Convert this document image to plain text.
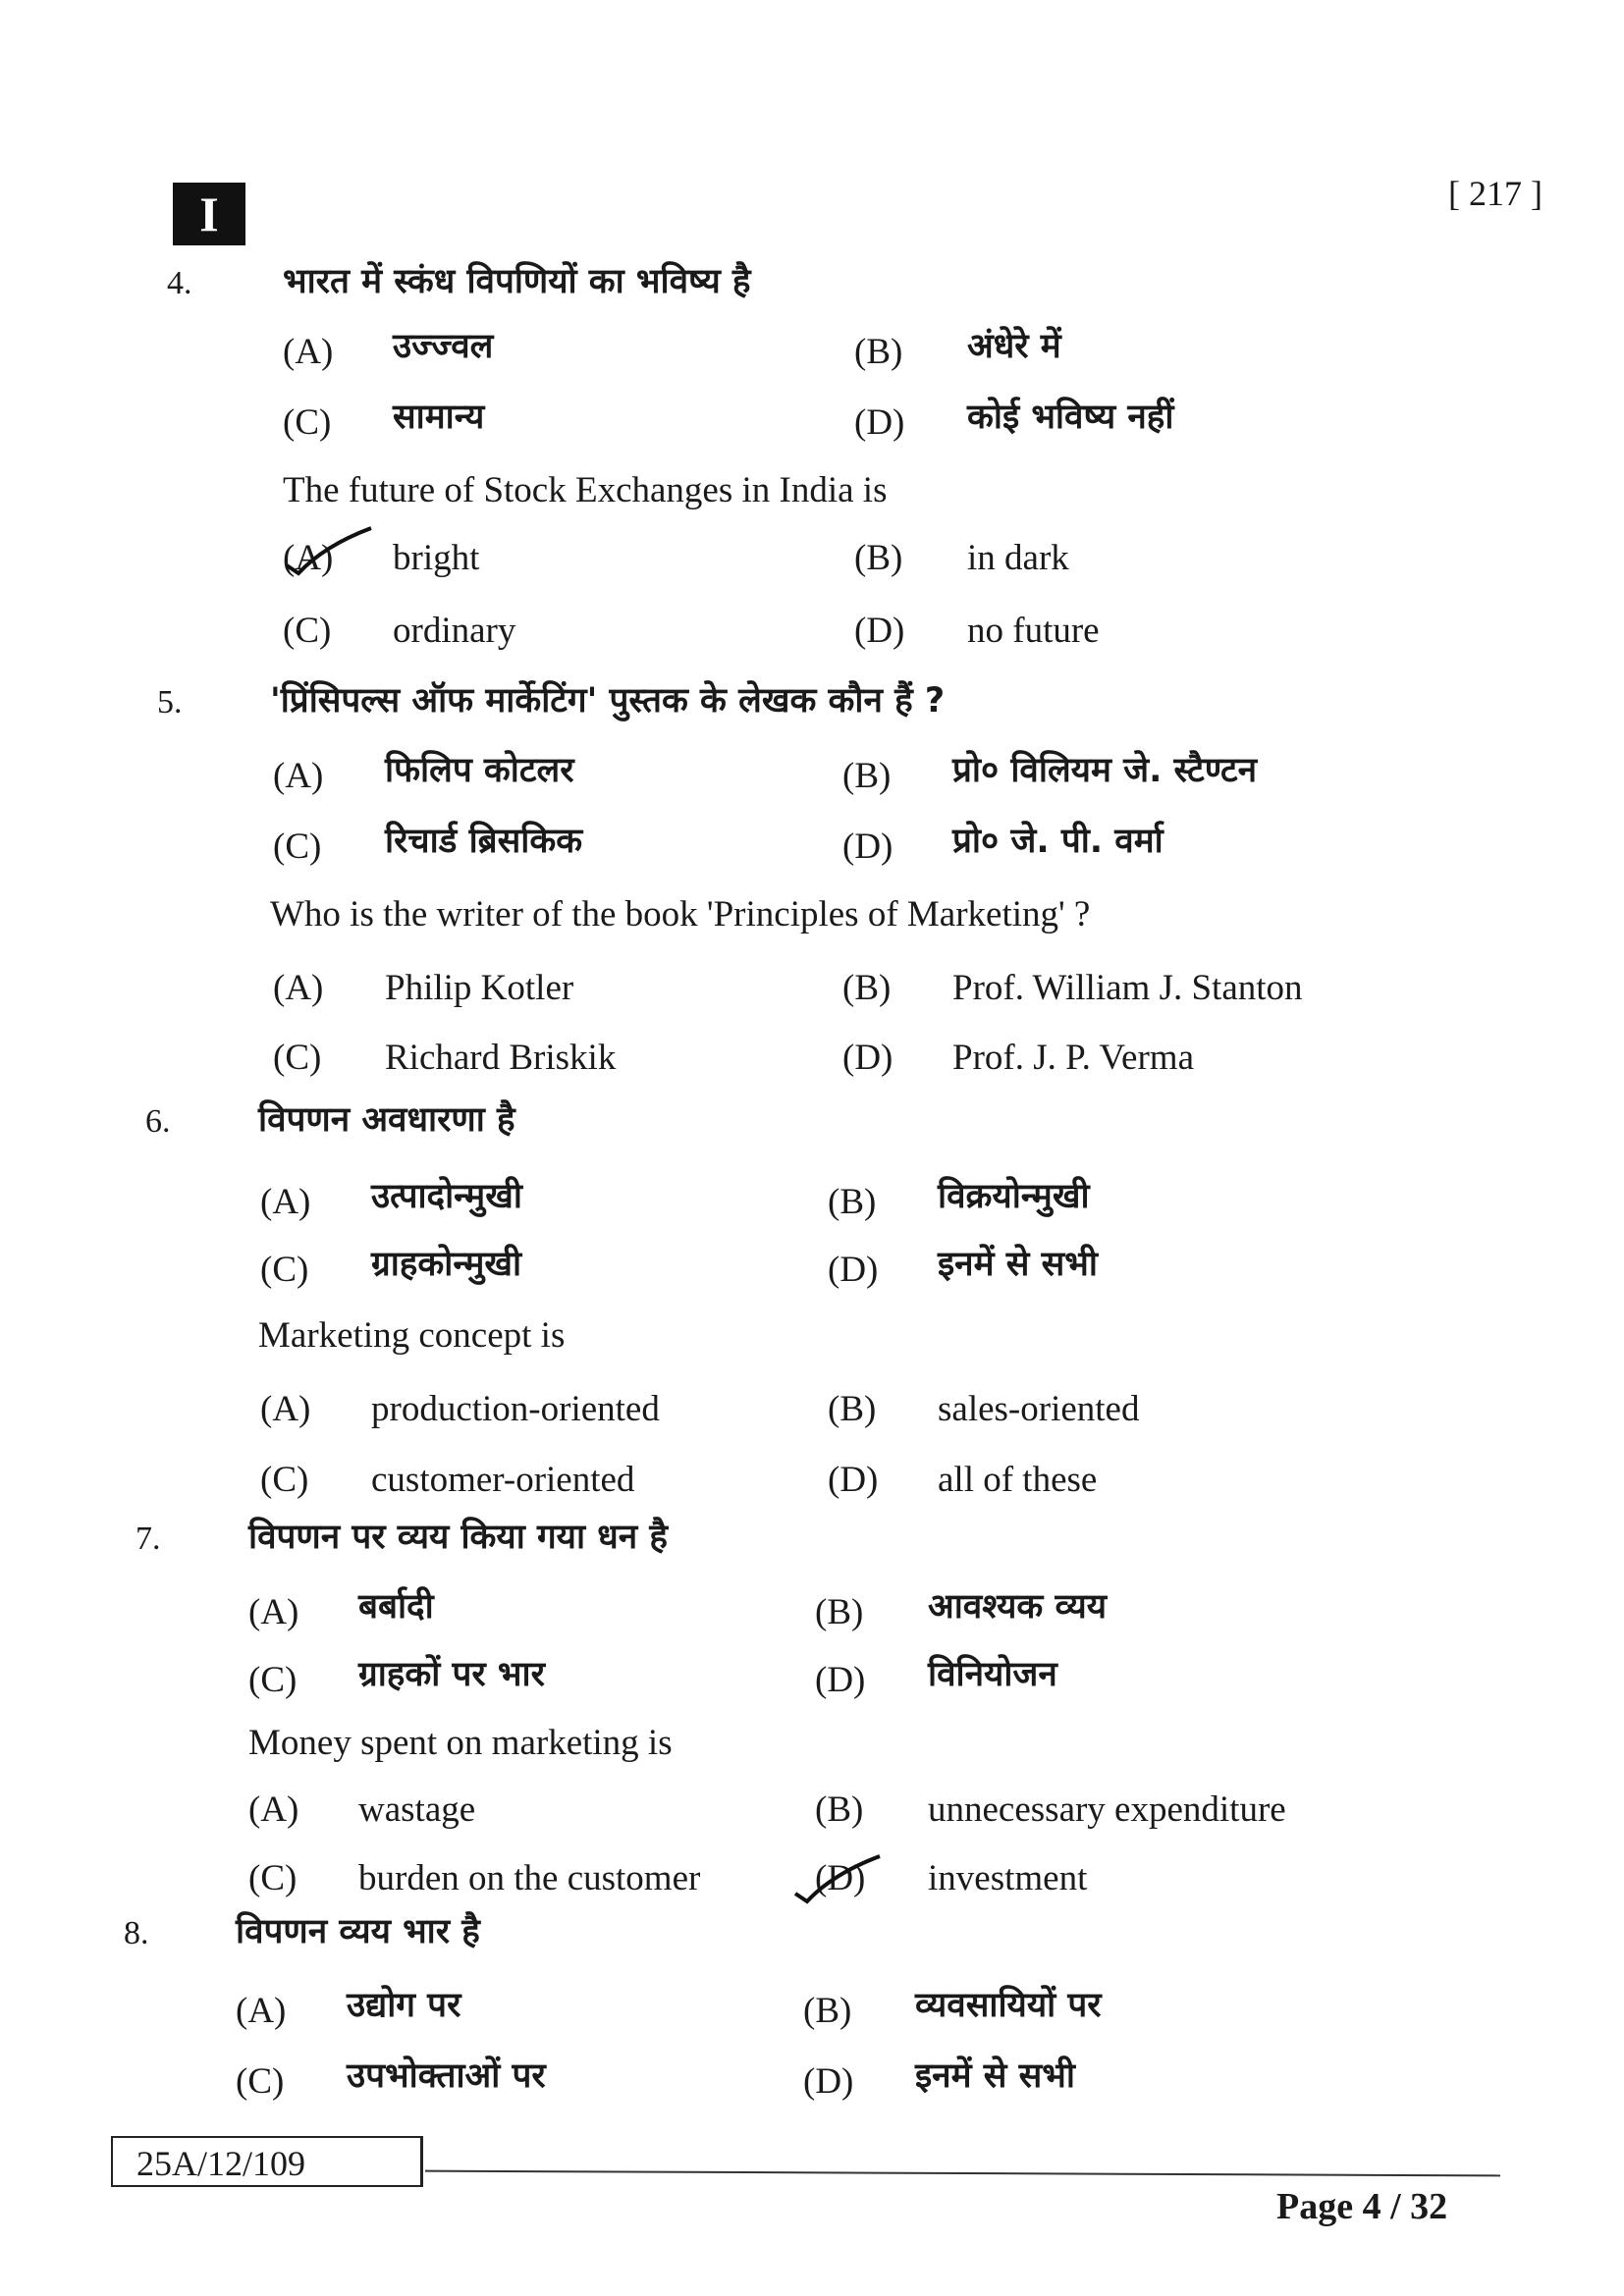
I	[ 217 ]
4.	भारत में स्कंध विपणियों का भविष्य है
(A) उज्ज्वल	(B) अंधेरे में
(C) सामान्य	(D) कोई भविष्य नहीं
The future of Stock Exchanges in India is
(A) bright	(B) in dark
(C) ordinary	(D) no future
5.	'प्रिंसिपल्स ऑफ मार्केटिंग' पुस्तक के लेखक कौन हैं ?
(A) फिलिप कोटलर	(B) प्रो० विलियम जे. स्टैण्टन
(C) रिचार्ड ब्रिसकिक	(D) प्रो० जे. पी. वर्मा
Who is the writer of the book 'Principles of Marketing' ?
(A) Philip Kotler	(B) Prof. William J. Stanton
(C) Richard Briskik	(D) Prof. J. P. Verma
6.	विपणन अवधारणा है
(A) उत्पादोन्मुखी	(B) विक्रयोन्मुखी
(C) ग्राहकोन्मुखी	(D) इनमें से सभी
Marketing concept is
(A) production-oriented	(B) sales-oriented
(C) customer-oriented	(D) all of these
7.	विपणन पर व्यय किया गया धन है
(A) बर्बादी	(B) आवश्यक व्यय
(C) ग्राहकों पर भार	(D) विनियोजन
Money spent on marketing is
(A) wastage	(B) unnecessary expenditure
(C) burden on the customer	(D) investment
8.	विपणन व्यय भार है
(A) उद्योग पर	(B) व्यवसायियों पर
(C) उपभोक्ताओं पर	(D) इनमें से सभी
25A/12/109
Page 4 / 32
